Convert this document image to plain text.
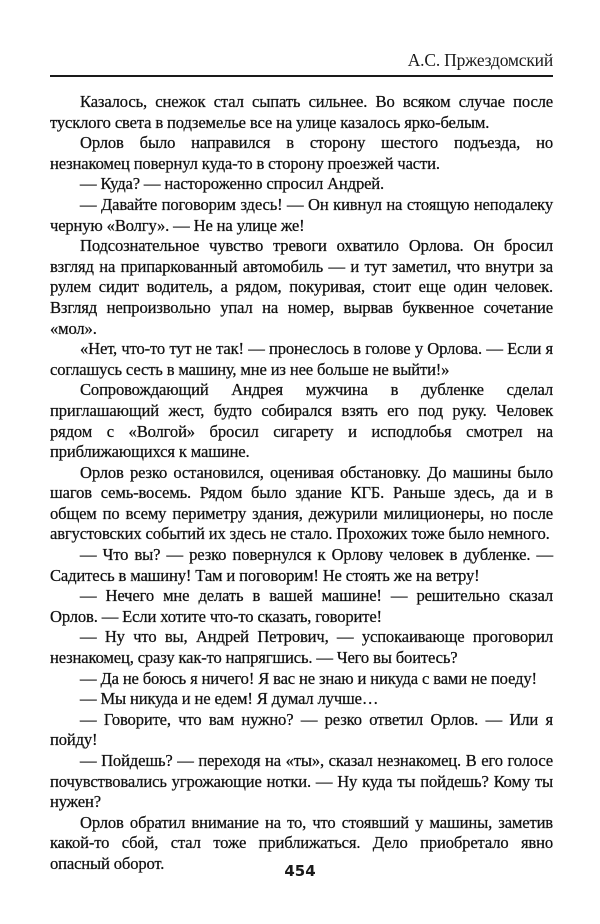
А.С. Пржездомский

Казалось, снежок стал сыпать сильнее. Во всяком случае после тусклого света в подземелье все на улице казалось ярко-белым.

Орлов было направился в сторону шестого подъезда, но незнакомец повернул куда-то в сторону проезжей части.

— Куда? — настороженно спросил Андрей.

— Давайте поговорим здесь! — Он кивнул на стоящую неподалеку черную «Волгу». — Не на улице же!

Подсознательное чувство тревоги охватило Орлова. Он бросил взгляд на припаркованный автомобиль — и тут заметил, что внутри за рулем сидит водитель, а рядом, покуривая, стоит еще один человек. Взгляд непроизвольно упал на номер, вырвав буквенное сочетание «мол».

«Нет, что-то тут не так! — пронеслось в голове у Орлова. — Если я соглашусь сесть в машину, мне из нее больше не выйти!»

Сопровождающий Андрея мужчина в дубленке сделал приглашающий жест, будто собирался взять его под руку. Человек рядом с «Волгой» бросил сигарету и исподлобья смотрел на приближающихся к машине.

Орлов резко остановился, оценивая обстановку. До машины было шагов семь-восемь. Рядом было здание КГБ. Раньше здесь, да и в общем по всему периметру здания, дежурили милиционеры, но после августовских событий их здесь не стало. Прохожих тоже было немного.

— Что вы? — резко повернулся к Орлову человек в дубленке. — Садитесь в машину! Там и поговорим! Не стоять же на ветру!

— Нечего мне делать в вашей машине! — решительно сказал Орлов. — Если хотите что-то сказать, говорите!

— Ну что вы, Андрей Петрович, — успокаивающе проговорил незнакомец, сразу как-то напрягшись. — Чего вы боитесь?

— Да не боюсь я ничего! Я вас не знаю и никуда с вами не поеду!

— Мы никуда и не едем! Я думал лучше…

— Говорите, что вам нужно? — резко ответил Орлов. — Или я пойду!

— Пойдешь? — переходя на «ты», сказал незнакомец. В его голосе почувствовались угрожающие нотки. — Ну куда ты пойдешь? Кому ты нужен?

Орлов обратил внимание на то, что стоявший у машины, заметив какой-то сбой, стал тоже приближаться. Дело приобретало явно опасный оборот.	454
